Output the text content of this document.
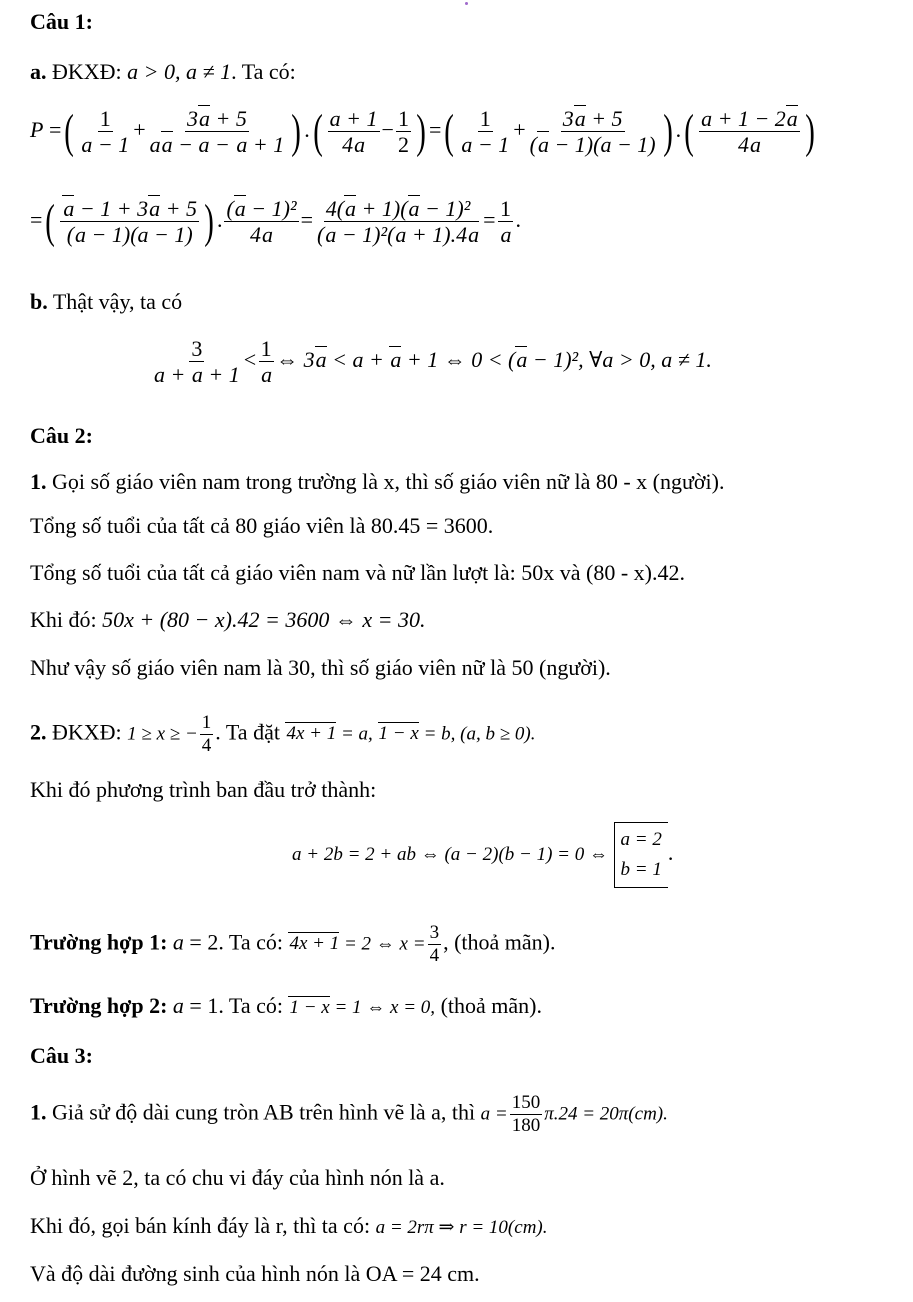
Câu 1:
a. ĐKXĐ: a > 0, a ≠ 1. Ta có:
P =( $\frac{1}{a - 1} + \frac{3a + 5}{aa - a - a + 1}$ ) .( $\frac{a + 1}{4a} - \frac{1}{2}$ ) =( $\frac{1}{a - 1} + \frac{3a + 5}{(a - 1)(a - 1)}$ ) .( $\frac{a + 1 - 2a}{4a}$ )
=( $\frac{a - 1 + 3a + 5}{(a - 1)(a - 1)}$ ) . $\frac{\text{(a − 1)²}}{4a} = \frac{\text{4(a + 1)(a − 1)²}}{\text{(a − 1)²(a + 1).4a}} = \frac{1}{a}$ .
b. Thật vậy, ta có
$\frac{3}{a + a + 1} < \frac{1}{a}$ ⇔ 3a < a + a + 1 ⇔ 0 < (a − 1)², ∀a > 0, a ≠ 1.
Câu 2:
1. Gọi số giáo viên nam trong trường là x, thì số giáo viên nữ là 80 - x (người).
Tổng số tuổi của tất cả 80 giáo viên là 80.45 = 3600.
Tổng số tuổi của tất cả giáo viên nam và nữ lần lượt là: 50x và (80 - x).42.
Khi đó: 50x + (80 − x).42 = 3600 ⇔ x = 30.
Như vậy số giáo viên nam là 30, thì số giáo viên nữ là 50 (người).
2. ĐKXĐ: 1 ≥ x ≥ − $\frac{1}{4}$ . Ta đặt 4x + 1 = a, 1 − x = b, (a, b ≥ 0).
Khi đó phương trình ban đầu trở thành:
a + 2b = 2 + ab ⇔ (a − 2)(b − 1) = 0 ⇔
a = 2
b = 1
.
Trường hợp 1: a = 2. Ta có: 4x + 1 = 2 ⇔ $x = \frac{3}{4}$ , (thoả mãn).
Trường hợp 2: a = 1. Ta có: 1 − x = 1 ⇔ x = 0, (thoả mãn).
Câu 3:
1. Giả sử độ dài cung tròn AB trên hình vẽ là a, thì $a = \frac{150}{180} \pi.24 = 20\pi(cm)$.
Ở hình vẽ 2, ta có chu vi đáy của hình nón là a.
Khi đó, gọi bán kính đáy là r, thì ta có: a = 2rπ ⇒ r = 10(cm).
Và độ dài đường sinh của hình nón là OA = 24 cm.
